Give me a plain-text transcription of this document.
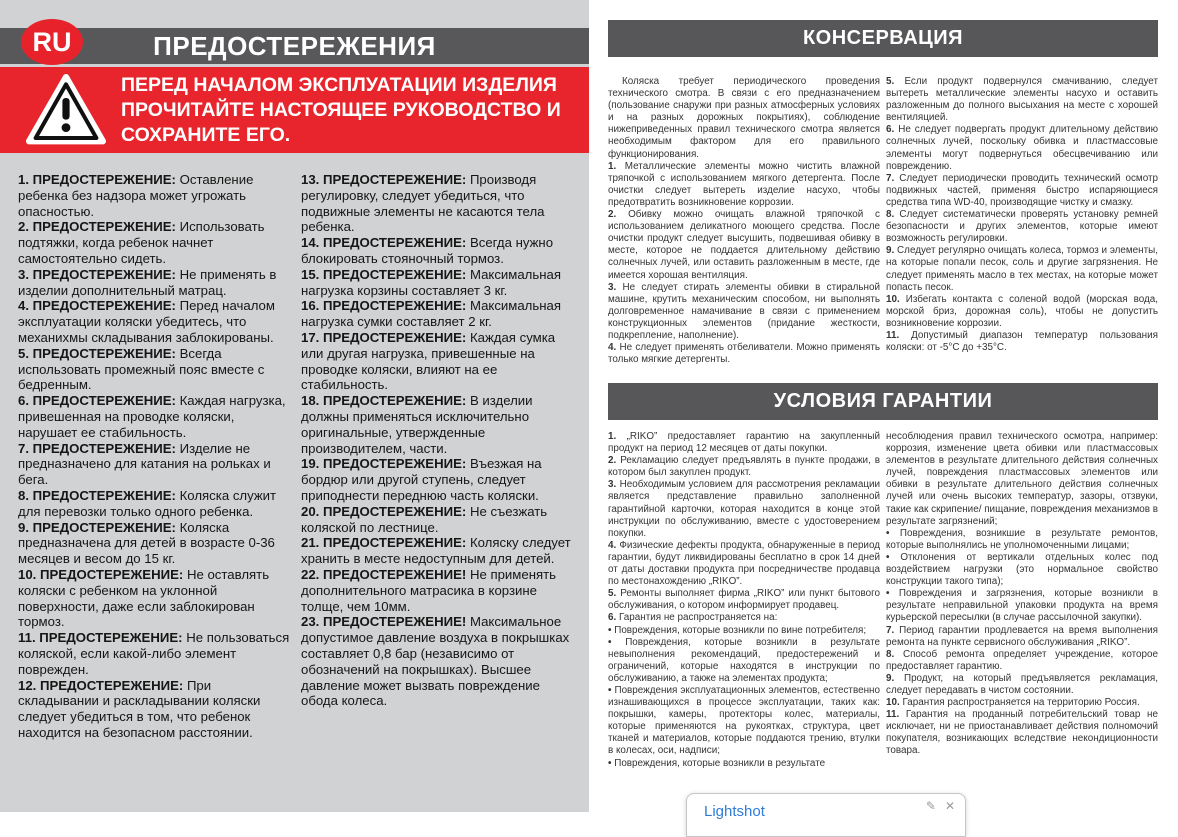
RU	ПРЕДОСТЕРЕЖЕНИЯ
ПЕРЕД НАЧАЛОМ ЭКСПЛУАТАЦИИ ИЗДЕЛИЯ ПРОЧИТАЙТЕ НАСТОЯЩЕЕ РУКОВОДСТВО И СОХРАНИТЕ ЕГО.

1. ПРЕДОСТЕРЕЖЕНИЕ: Оставление ребенка без надзора может угрожать опасностью.

2. ПРЕДОСТЕРЕЖЕНИЕ: Использовать подтяжки, когда ребенок начнет самостоятельно сидеть.

3. ПРЕДОСТЕРЕЖЕНИЕ: Не применять в изделии дополнительный матрац.

4. ПРЕДОСТЕРЕЖЕНИЕ: Перед началом эксплуатации коляски убедитесь, что механихмы складывания заблокированы.

5. ПРЕДОСТЕРЕЖЕНИЕ: Всегда использовать промежный пояс вместе с бедренным.

6. ПРЕДОСТЕРЕЖЕНИЕ: Каждая нагрузка, привешенная на проводке коляски, нарушает ее стабильность.

7. ПРЕДОСТЕРЕЖЕНИЕ: Изделие не предназначено для катания на рольках и бега.

8. ПРЕДОСТЕРЕЖЕНИЕ: Коляска служит для перевозки только одного ребенка.

9. ПРЕДОСТЕРЕЖЕНИЕ: Коляска предназначена для детей в возрасте 0-36 месяцев и весом до 15 кг.

10. ПРЕДОСТЕРЕЖЕНИЕ: Не оставлять коляски с ребенком на уклонной поверхности, даже если заблокирован тормоз.

11. ПРЕДОСТЕРЕЖЕНИЕ: Не пользоваться коляской, если какой-либо элемент поврежден.

12. ПРЕДОСТЕРЕЖЕНИЕ: При складывании и раскладывании коляски следует убедиться в том, что ребенок находится на безопасном расстоянии.

13. ПРЕДОСТЕРЕЖЕНИЕ: Производя регулировку, следует убедиться, что подвижные элементы не касаются тела ребенка.

14. ПРЕДОСТЕРЕЖЕНИЕ: Всегда нужно блокировать стояночный тормоз.

15. ПРЕДОСТЕРЕЖЕНИЕ: Максимальная нагрузка корзины составляет 3 кг.

16. ПРЕДОСТЕРЕЖЕНИЕ: Максимальная нагрузка сумки составляет 2 кг.

17. ПРЕДОСТЕРЕЖЕНИЕ: Каждая сумка или другая нагрузка, привешенные на проводке коляски, влияют на ее стабильность.

18. ПРЕДОСТЕРЕЖЕНИЕ: В изделии должны применяться исключительно оригинальные, утвержденные производителем, части.

19. ПРЕДОСТЕРЕЖЕНИЕ: Въезжая на бордюр или другой ступень, следует приподнести переднюю часть коляски.

20. ПРЕДОСТЕРЕЖЕНИЕ: Не съезжать коляской по лестнице.

21. ПРЕДОСТЕРЕЖЕНИЕ: Коляску следует хранить в месте недоступным для детей.

22. ПРЕДОСТЕРЕЖЕНИЕ! Не применять дополнительного матрасика в корзине толще, чем 10мм.

23. ПРЕДОСТЕРЕЖЕНИЕ! Максимальное допустимое давление воздуха в покрышках составляет 0,8 бар (независимо от обозначений на покрышках). Высшее давление может вызвать повреждение обода колеса.

КОНСЕРВАЦИЯ

Коляска требует периодического проведения технического смотра. В связи с его предназначением (пользование снаружи при разных атмосферных условиях и на разных дорожных покрытиях), соблюдение нижеприведенных правил технического смотра является необходимым фактором для его правильного функционирования.

1. Металлические элементы можно чистить влажной тряпочкой с использованием мягкого детергента. После очистки следует вытереть изделие насухо, чтобы предотвратить возникновение коррозии.

2. Обивку можно очищать влажной тряпочкой с использованием деликатного моющего средства. После очистки продукт следует высушить, подвешивая обивку в месте, которое не поддается длительному действию солнечных лучей, или оставить разложенным в месте, где имеется хорошая вентиляция.

3. Не следует стирать элементы обивки в стиральной машине, крутить механическим способом, ни выполнять долговременное намачивание в связи с применением конструкционных элементов (придание жесткости, подкрепление, наполнение).

4. Не следует применять отбеливатели. Можно применять только мягкие детергенты.

5. Если продукт подвернулся смачиванию, следует вытереть металлические элементы насухо и оставить разложенным до полного высыхания на месте с хорошей вентиляцией.

6. Не следует подвергать продукт длительному действию солнечных лучей, поскольку обивка и пластмассовые элементы могут подвернуться обесцвечиванию или повреждению.

7. Следует периодически проводить технический осмотр подвижных частей, применяя быстро испаряющиеся средства типа WD-40, производящие чистку и смазку.

8. Следует систематически проверять установку ремней безопасности и других элементов, которые имеют возможность регулировки.

9. Следует регулярно очищать колеса, тормоз и элементы, на которые попали песок, соль и другие загрязнения. Не следует применять масло в тех местах, на которые может попасть песок.

10. Избегать контакта с соленой водой (морская вода, морской бриз, дорожная соль), чтобы не допустить возникновение коррозии.

11. Допустимый диапазон температур пользования коляски: от -5°С до +35°С.

УСЛОВИЯ ГАРАНТИИ

1. „RIKO” предоставляет гарантию на закупленный продукт на период 12 месяцев от даты покупки.

2. Рекламацию следует предъявлять в пункте продажи, в котором был закуплен продукт.

3. Необходимым условием для рассмотрения рекламации является представление правильно заполненной гарантийной карточки, которая находится в конце этой инструкции по обслуживанию, вместе с удостоверением покупки.

4. Физические дефекты продукта, обнаруженные в период гарантии, будут ликвидированы бесплатно в срок 14 дней от даты доставки продукта при посредничестве продавца по местонахождению „RIKO”.

5. Ремонты выполняет фирма „RIKO” или пункт бытового обслуживания, о котором информирует продавец.

6. Гарантия не распространяется на:

• Повреждения, которые возникли по вине потребителя;

• Повреждения, которые возникли в результате невыполнения рекомендаций, предостережений и ограничений, которые находятся в инструкции по обслуживанию, а также на элементах продукта;

• Повреждения эксплуатационных элементов, естественно изнашивающихся в процессе эксплуатации, таких как: покрышки, камеры, протекторы колес, материалы, которые применяются на рукоятках, структура, цвет тканей и материалов, которые поддаются трению, втулки в колесах, оси, надписи;

• Повреждения, которые возникли в результате

несоблюдения правил технического осмотра, например: коррозия, изменение цвета обивки или пластмассовых элементов в результате длительного действия солнечных лучей, повреждения пластмассовых элементов или обивки в результате длительного действия солнечных лучей или очень высоких температур, зазоры, отзвуки, такие как скрипение/ пищание, повреждения механизмов в результате загрязнений;

• Повреждения, возникшие в результате ремонтов, которые выполнялись не уполномоченными лицами;

• Отклонения от вертикали отдельных колес под воздействием нагрузки (это нормальное свойство конструкции такого типа);

• Повреждения и загрязнения, которые возникли в результате неправильной упаковки продукта на время курьерской пересылки (в случае рассылочной закупки).

7. Период гарантии продлевается на время выполнения ремонта на пункте сервисного обслуживания „RIKO”.

8. Способ ремонта определяет учреждение, которое предоставляет гарантию.

9. Продукт, на который предъявляется рекламация, следует передавать в чистом состоянии.

10. Гарантия распространяется на территорию Россия.

11. Гарантия на проданный потребительский товар не исключает, ни не приостанавливает действия полномочий покупателя, возникающих вследствие некондиционности товара.

Lightshot	✎ ✕
